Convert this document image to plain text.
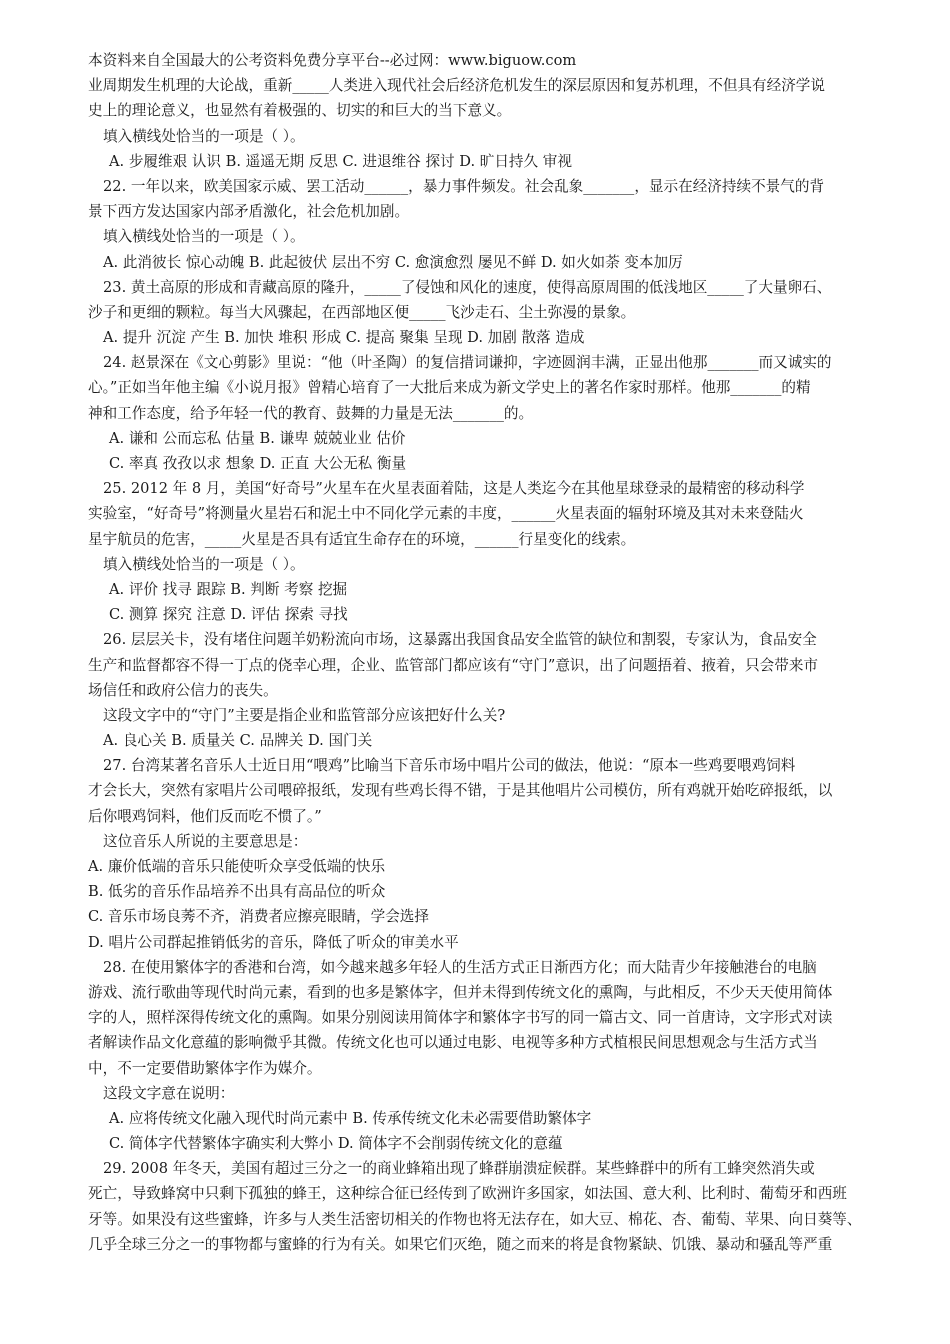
本资料来自全国最大的公考资料免费分享平台--必过网：www.biguow.com
业周期发生机理的大论战，重新_____人类进入现代社会后经济危机发生的深层原因和复苏机理，不但具有经济学说
史上的理论意义，也显然有着极强的、切实的和巨大的当下意义。
填入横线处恰当的一项是（ ）。
A. 步履维艰 认识 B. 遥遥无期 反思 C. 进退维谷 探讨 D. 旷日持久 审视
22. 一年以来，欧美国家示威、罢工活动______，暴力事件频发。社会乱象_______，显示在经济持续不景气的背
景下西方发达国家内部矛盾激化，社会危机加剧。
填入横线处恰当的一项是（ ）。
A. 此消彼长 惊心动魄 B. 此起彼伏 层出不穷 C. 愈演愈烈 屡见不鲜 D. 如火如荼 变本加厉
23. 黄土高原的形成和青藏高原的隆升，_____了侵蚀和风化的速度，使得高原周围的低浅地区_____了大量卵石、
沙子和更细的颗粒。每当大风骤起，在西部地区便_____飞沙走石、尘土弥漫的景象。
A. 提升 沉淀 产生 B. 加快 堆积 形成 C. 提高 聚集 呈现 D. 加剧 散落 造成
24. 赵景深在《文心剪影》里说：“他（叶圣陶）的复信措词谦抑，字迹圆润丰满，正显出他那_______而又诚实的
心。”正如当年他主编《小说月报》曾精心培育了一大批后来成为新文学史上的著名作家时那样。他那_______的精
神和工作态度，给予年轻一代的教育、鼓舞的力量是无法_______的。
A. 谦和 公而忘私 估量 B. 谦卑 兢兢业业 估价
C. 率真 孜孜以求 想象 D. 正直 大公无私 衡量
25. 2012 年 8 月，美国“好奇号”火星车在火星表面着陆，这是人类迄今在其他星球登录的最精密的移动科学
实验室，“好奇号”将测量火星岩石和泥土中不同化学元素的丰度，______火星表面的辐射环境及其对未来登陆火
星宇航员的危害，_____火星是否具有适宜生命存在的环境，______行星变化的线索。
填入横线处恰当的一项是（ ）。
A. 评价 找寻 跟踪 B. 判断 考察 挖掘
C. 测算 探究 注意 D. 评估 探索 寻找
26. 层层关卡，没有堵住问题羊奶粉流向市场，这暴露出我国食品安全监管的缺位和割裂，专家认为，食品安全
生产和监督都容不得一丁点的侥幸心理，企业、监管部门都应该有“守门”意识，出了问题捂着、掖着，只会带来市
场信任和政府公信力的丧失。
这段文字中的“守门”主要是指企业和监管部分应该把好什么关?
A. 良心关 B. 质量关 C. 品牌关 D. 国门关
27. 台湾某著名音乐人士近日用“喂鸡”比喻当下音乐市场中唱片公司的做法，他说：“原本一些鸡要喂鸡饲料
才会长大，突然有家唱片公司喂碎报纸，发现有些鸡长得不错，于是其他唱片公司模仿，所有鸡就开始吃碎报纸，以
后你喂鸡饲料，他们反而吃不惯了。”
这位音乐人所说的主要意思是：
A. 廉价低端的音乐只能使听众享受低端的快乐
B. 低劣的音乐作品培养不出具有高品位的听众
C. 音乐市场良莠不齐，消费者应擦亮眼睛，学会选择
D. 唱片公司群起推销低劣的音乐，降低了听众的审美水平
28. 在使用繁体字的香港和台湾，如今越来越多年轻人的生活方式正日渐西方化；而大陆青少年接触港台的电脑
游戏、流行歌曲等现代时尚元素，看到的也多是繁体字，但并未得到传统文化的熏陶，与此相反，不少天天使用简体
字的人，照样深得传统文化的熏陶。如果分别阅读用简体字和繁体字书写的同一篇古文、同一首唐诗，文字形式对读
者解读作品文化意蕴的影响微乎其微。传统文化也可以通过电影、电视等多种方式植根民间思想观念与生活方式当
中，不一定要借助繁体字作为媒介。
这段文字意在说明：
A. 应将传统文化融入现代时尚元素中 B. 传承传统文化未必需要借助繁体字
C. 简体字代替繁体字确实利大弊小 D. 简体字不会削弱传统文化的意蕴
29. 2008 年冬天，美国有超过三分之一的商业蜂箱出现了蜂群崩溃症候群。某些蜂群中的所有工蜂突然消失或
死亡，导致蜂窝中只剩下孤独的蜂王，这种综合征已经传到了欧洲许多国家，如法国、意大利、比利时、葡萄牙和西班
牙等。如果没有这些蜜蜂，许多与人类生活密切相关的作物也将无法存在，如大豆、棉花、杏、葡萄、苹果、向日葵等、
几乎全球三分之一的事物都与蜜蜂的行为有关。如果它们灭绝，随之而来的将是食物紧缺、饥饿、暴动和骚乱等严重
